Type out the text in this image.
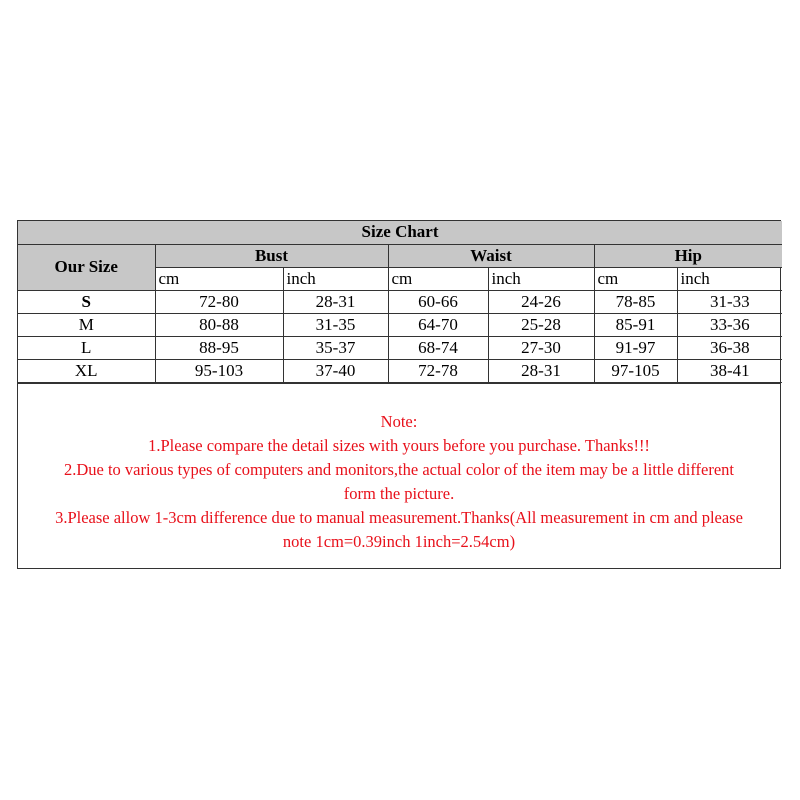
Size Chart						
Our Size	Bust		Waist		Hip	
	cm	inch	cm	inch	cm	inch
S	72-80	28-31	60-66	24-26	78-85	31-33
M	80-88	31-35	64-70	25-28	85-91	33-36
L	88-95	35-37	68-74	27-30	91-97	36-38
XL	95-103	37-40	72-78	28-31	97-105	38-41
Note:
1.Please compare the detail sizes with yours before you purchase. Thanks!!!
2.Due to various types of computers and monitors,the actual color of the item may be a little different
form the picture.
3.Please allow 1-3cm difference due to manual measurement.Thanks(All measurement in cm and please
note 1cm=0.39inch 1inch=2.54cm)
